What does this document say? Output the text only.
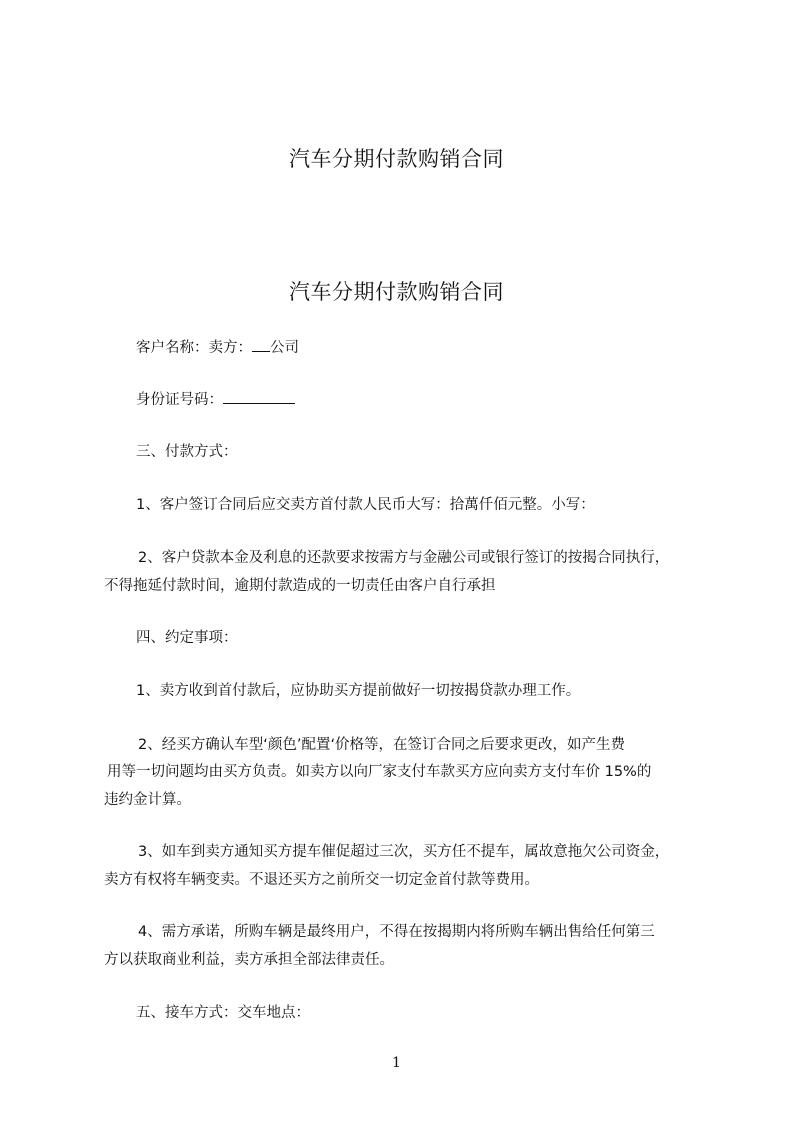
汽车分期付款购销合同
汽车分期付款购销合同
客户名称：卖方： 公司
身份证号码：
三、付款方式：
1、客户签订合同后应交卖方首付款人民币大写：拾萬仟佰元整。小写：
2、客户贷款本金及利息的还款要求按需方与金融公司或银行签订的按揭合同执行，
不得拖延付款时间，逾期付款造成的一切责任由客户自行承担
四、约定事项：
1、卖方收到首付款后，应协助买方提前做好一切按揭贷款办理工作。
2、经买方确认车型‘颜色’配置‘价格等，在签订合同之后要求更改，如产生费
用等一切问题均由买方负责。如卖方以向厂家支付车款买方应向卖方支付车价 15%的
违约金计算。
3、如车到卖方通知买方提车催促超过三次，买方任不提车，属故意拖欠公司资金，
卖方有权将车辆变卖。不退还买方之前所交一切定金首付款等费用。
4、需方承诺，所购车辆是最终用户，不得在按揭期内将所购车辆出售给任何第三
方以获取商业利益，卖方承担全部法律责任。
五、接车方式：交车地点：
1
